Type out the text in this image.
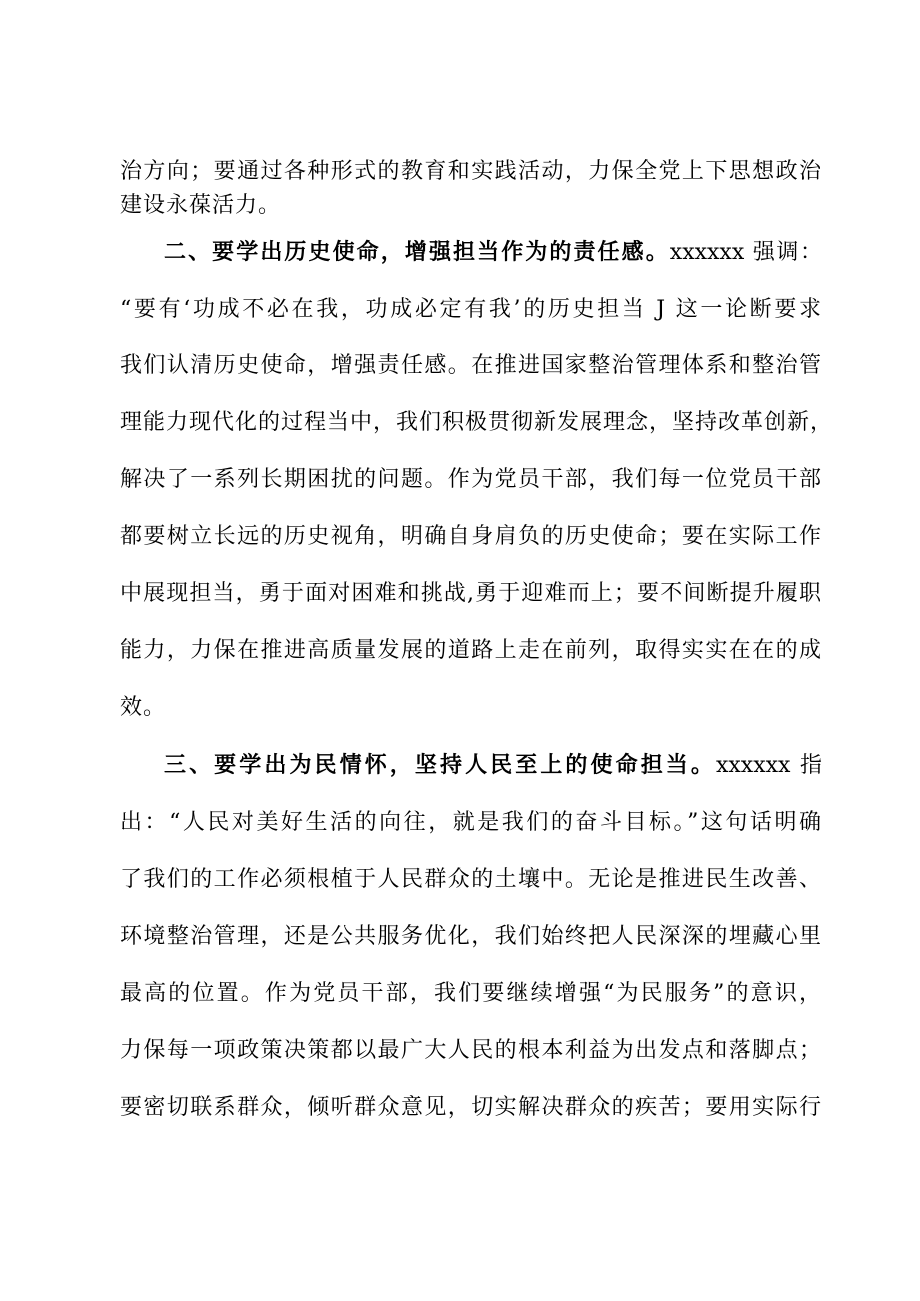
治方向；要通过各种形式的教育和实践活动，力保全党上下思想政治
建设永葆活力。
二、要学出历史使命，增强担当作为的责任感。xxxxxx 强调：
“要有‘功成不必在我，功成必定有我’的历史担当 J 这一论断要求
我们认清历史使命，增强责任感。在推进国家整治管理体系和整治管
理能力现代化的过程当中，我们积极贯彻新发展理念，坚持改革创新，
解决了一系列长期困扰的问题。作为党员干部，我们每一位党员干部
都要树立长远的历史视角，明确自身肩负的历史使命；要在实际工作
中展现担当，勇于面对困难和挑战,勇于迎难而上；要不间断提升履职
能力，力保在推进高质量发展的道路上走在前列，取得实实在在的成
效。
三、要学出为民情怀，坚持人民至上的使命担当。xxxxxx 指
出：“人民对美好生活的向往，就是我们的奋斗目标。”这句话明确
了我们的工作必须根植于人民群众的土壤中。无论是推进民生改善、
环境整治管理，还是公共服务优化，我们始终把人民深深的埋藏心里
最高的位置。作为党员干部，我们要继续增强“为民服务”的意识，
力保每一项政策决策都以最广大人民的根本利益为出发点和落脚点；
要密切联系群众，倾听群众意见，切实解决群众的疾苦；要用实际行
